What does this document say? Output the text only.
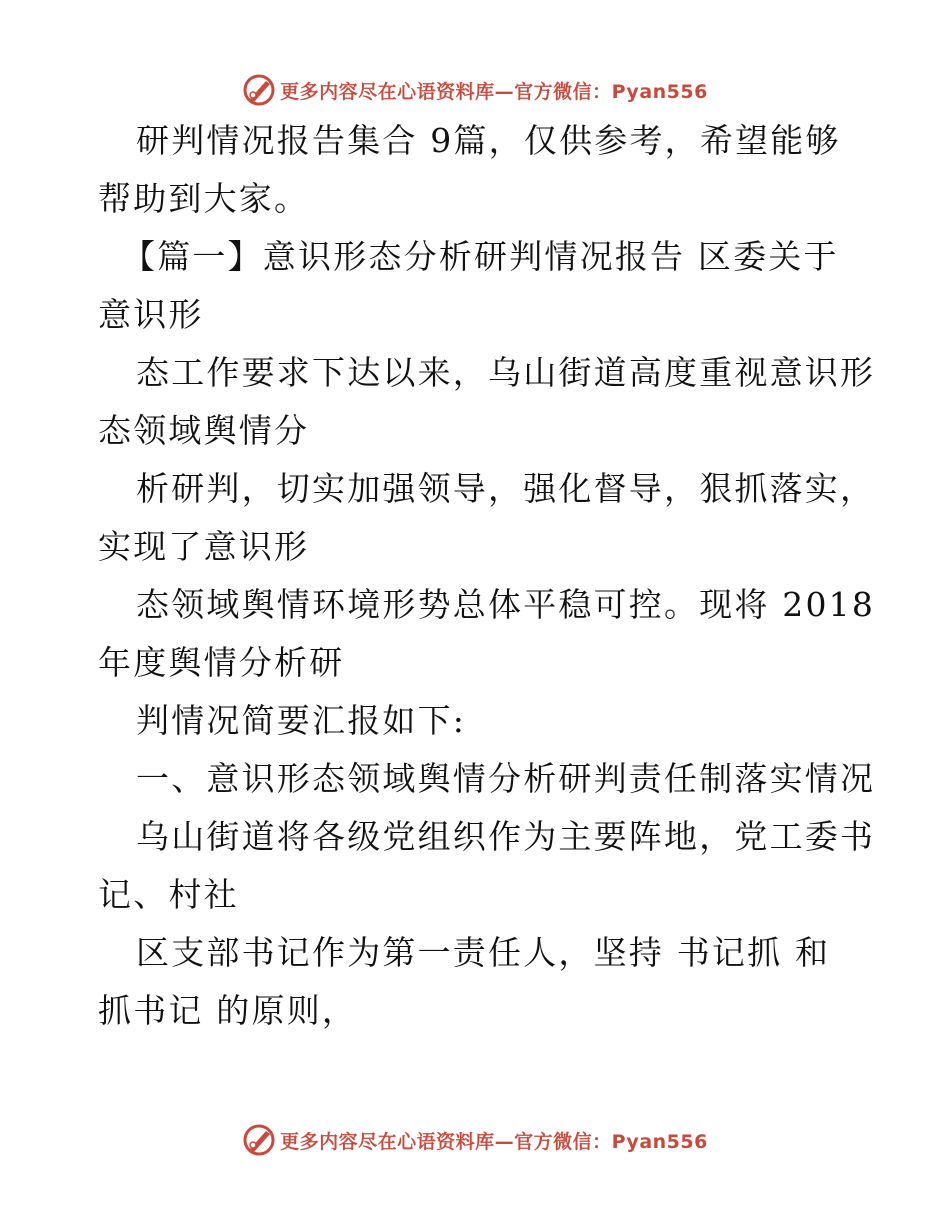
更多内容尽在心语资料库—官方微信：Pyan556

研判情况报告集合 9篇，仅供参考，希望能够

帮助到大家。

【篇一】意识形态分析研判情况报告 区委关于

意识形

态工作要求下达以来，乌山街道高度重视意识形

态领域舆情分

析研判，切实加强领导，强化督导，狠抓落实，

实现了意识形

态领域舆情环境形势总体平稳可控。现将 2018

年度舆情分析研

判情况简要汇报如下:

一、意识形态领域舆情分析研判责任制落实情况

乌山街道将各级党组织作为主要阵地，党工委书

记、村社

区支部书记作为第一责任人，坚持 书记抓 和

抓书记 的原则，

更多内容尽在心语资料库—官方微信：Pyan556
